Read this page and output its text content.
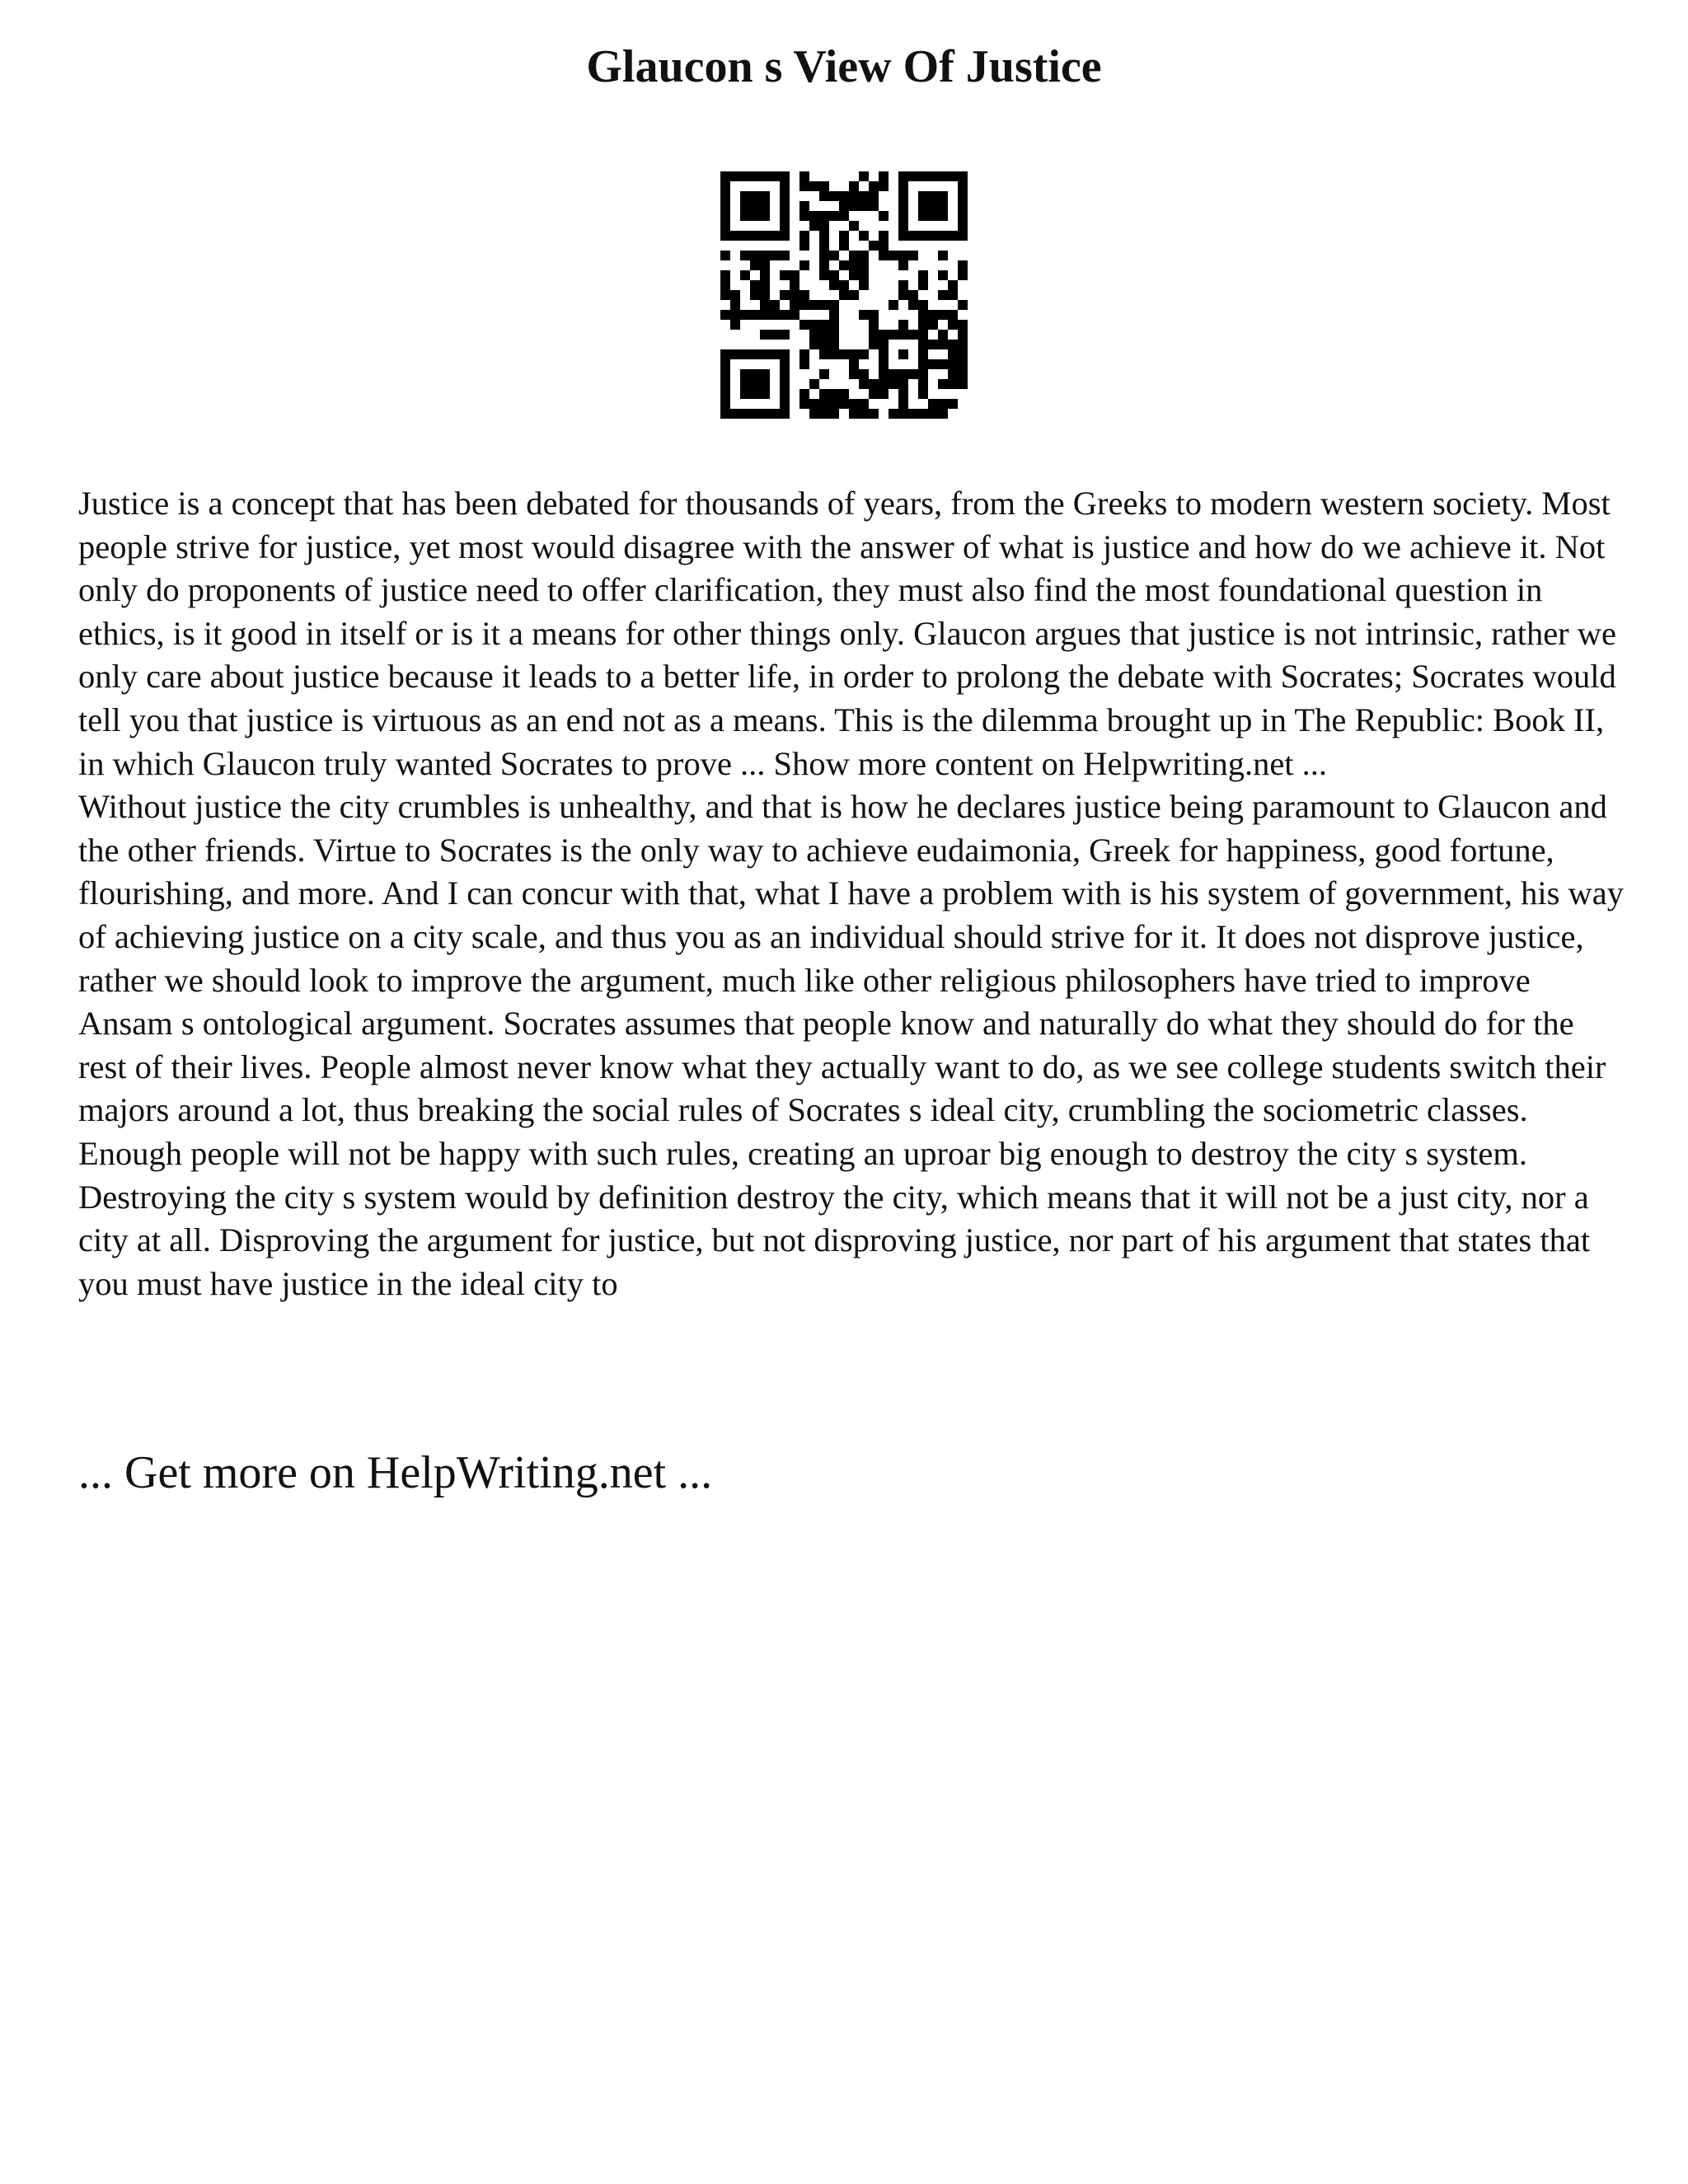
Glaucon s View Of Justice

Justice is a concept that has been debated for thousands of years, from the Greeks to modern western society. Most people strive for justice, yet most would disagree with the answer of what is justice and how do we achieve it. Not only do proponents of justice need to offer clarification, they must also find the most foundational question in ethics, is it good in itself or is it a means for other things only. Glaucon argues that justice is not intrinsic, rather we only care about justice because it leads to a better life, in order to prolong the debate with Socrates; Socrates would tell you that justice is virtuous as an end not as a means. This is the dilemma brought up in The Republic: Book II, in which Glaucon truly wanted Socrates to prove ... Show more content on Helpwriting.net ...

Without justice the city crumbles is unhealthy, and that is how he declares justice being paramount to Glaucon and the other friends. Virtue to Socrates is the only way to achieve eudaimonia, Greek for happiness, good fortune, flourishing, and more. And I can concur with that, what I have a problem with is his system of government, his way of achieving justice on a city scale, and thus you as an individual should strive for it. It does not disprove justice, rather we should look to improve the argument, much like other religious philosophers have tried to improve Ansam s ontological argument. Socrates assumes that people know and naturally do what they should do for the rest of their lives. People almost never know what they actually want to do, as we see college students switch their majors around a lot, thus breaking the social rules of Socrates s ideal city, crumbling the sociometric classes. Enough people will not be happy with such rules, creating an uproar big enough to destroy the city s system. Destroying the city s system would by definition destroy the city, which means that it will not be a just city, nor a city at all. Disproving the argument for justice, but not disproving justice, nor part of his argument that states that you must have justice in the ideal city to

... Get more on HelpWriting.net ...
